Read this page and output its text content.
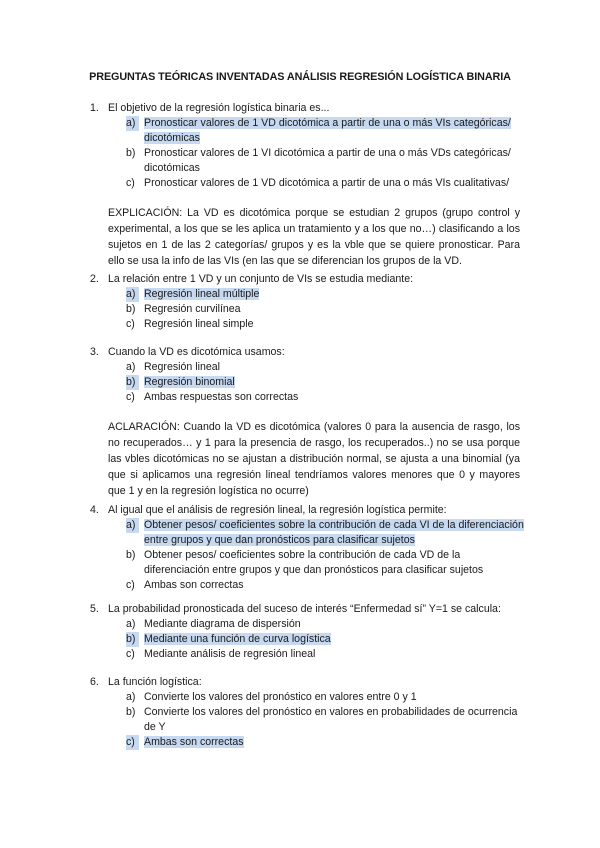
PREGUNTAS TEÓRICAS INVENTADAS ANÁLISIS REGRESIÓN LOGÍSTICA BINARIA
1. El objetivo de la regresión logística binaria es...

a) Pronosticar valores de 1 VD dicotómica a partir de una o más VIs categóricas/ dicotómicas
b) Pronosticar valores de 1 VI dicotómica a partir de una o más VDs categóricas/ dicotómicas
c) Pronosticar valores de 1 VD dicotómica a partir de una o más VIs cualitativas/
EXPLICACIÓN: La VD es dicotómica porque se estudian 2 grupos (grupo control y experimental, a los que se les aplica un tratamiento y a los que no…) clasificando a los sujetos en 1 de las 2 categorías/ grupos y es la vble que se quiere pronosticar. Para ello se usa la info de las VIs (en las que se diferencian los grupos de la VD.
2. La relación entre 1 VD y un conjunto de VIs se estudia mediante:

a) Regresión lineal múltiple
b) Regresión curvilínea
c) Regresión lineal simple
3. Cuando la VD es dicotómica usamos:

a) Regresión lineal
b) Regresión binomial
c) Ambas respuestas son correctas
ACLARACIÓN: Cuando la VD es dicotómica (valores 0 para la ausencia de rasgo, los no recuperados… y 1 para la presencia de rasgo, los recuperados..) no se usa porque las vbles dicotómicas no se ajustan a distribución normal, se ajusta a una binomial (ya que si aplicamos una regresión lineal tendríamos valores menores que 0 y mayores que 1 y en la regresión logística no ocurre)
4. Al igual que el análisis de regresión lineal, la regresión logística permite:

a) Obtener pesos/ coeficientes sobre la contribución de cada VI de la diferenciación entre grupos y que dan pronósticos para clasificar sujetos
b) Obtener pesos/ coeficientes sobre la contribución de cada VD de la diferenciación entre grupos y que dan pronósticos para clasificar sujetos
c) Ambas son correctas
5. La probabilidad pronosticada del suceso de interés “Enfermedad sí” Y=1 se calcula:

a) Mediante diagrama de dispersión
b) Mediante una función de curva logística
c) Mediante análisis de regresión lineal
6. La función logística:

a) Convierte los valores del pronóstico en valores entre 0 y 1
b) Convierte los valores del pronóstico en valores en probabilidades de ocurrencia de Y
c) Ambas son correctas
